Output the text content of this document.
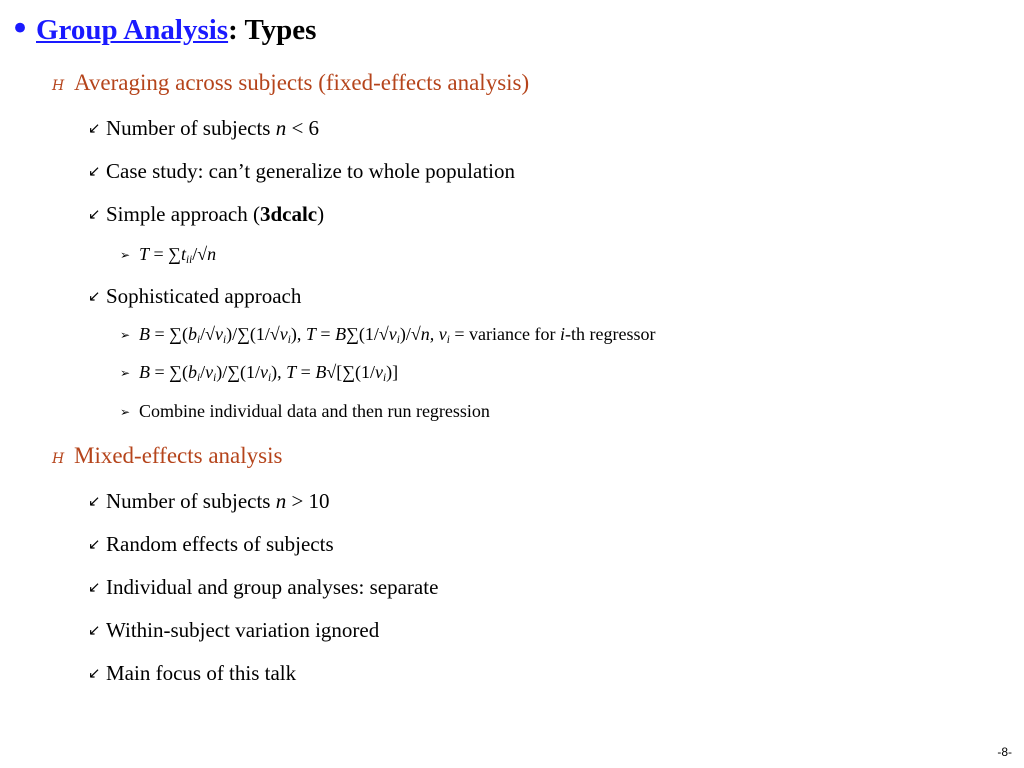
• Group Analysis: Types
H Averaging across subjects (fixed-effects analysis)
↙ Number of subjects n < 6
↙ Case study: can’t generalize to whole population
↙ Simple approach (3dcalc)
➢ $T = \sum t_{ii}/√n$
↙ Sophisticated approach
➢ $B = \sum(b_i/√v_i)/\sum(1/√v_i)$, $T = B\sum(1/√v_i)/√n$, $v_i$ = variance for i-th regressor
➢ $B = \sum(b_i/v_i)/\sum(1/v_i)$, $T = B√[\sum(1/v_i)]$
➢ Combine individual data and then run regression
H Mixed-effects analysis
↙ Number of subjects n > 10
↙ Random effects of subjects
↙ Individual and group analyses: separate
↙ Within-subject variation ignored
↙ Main focus of this talk
-8-
